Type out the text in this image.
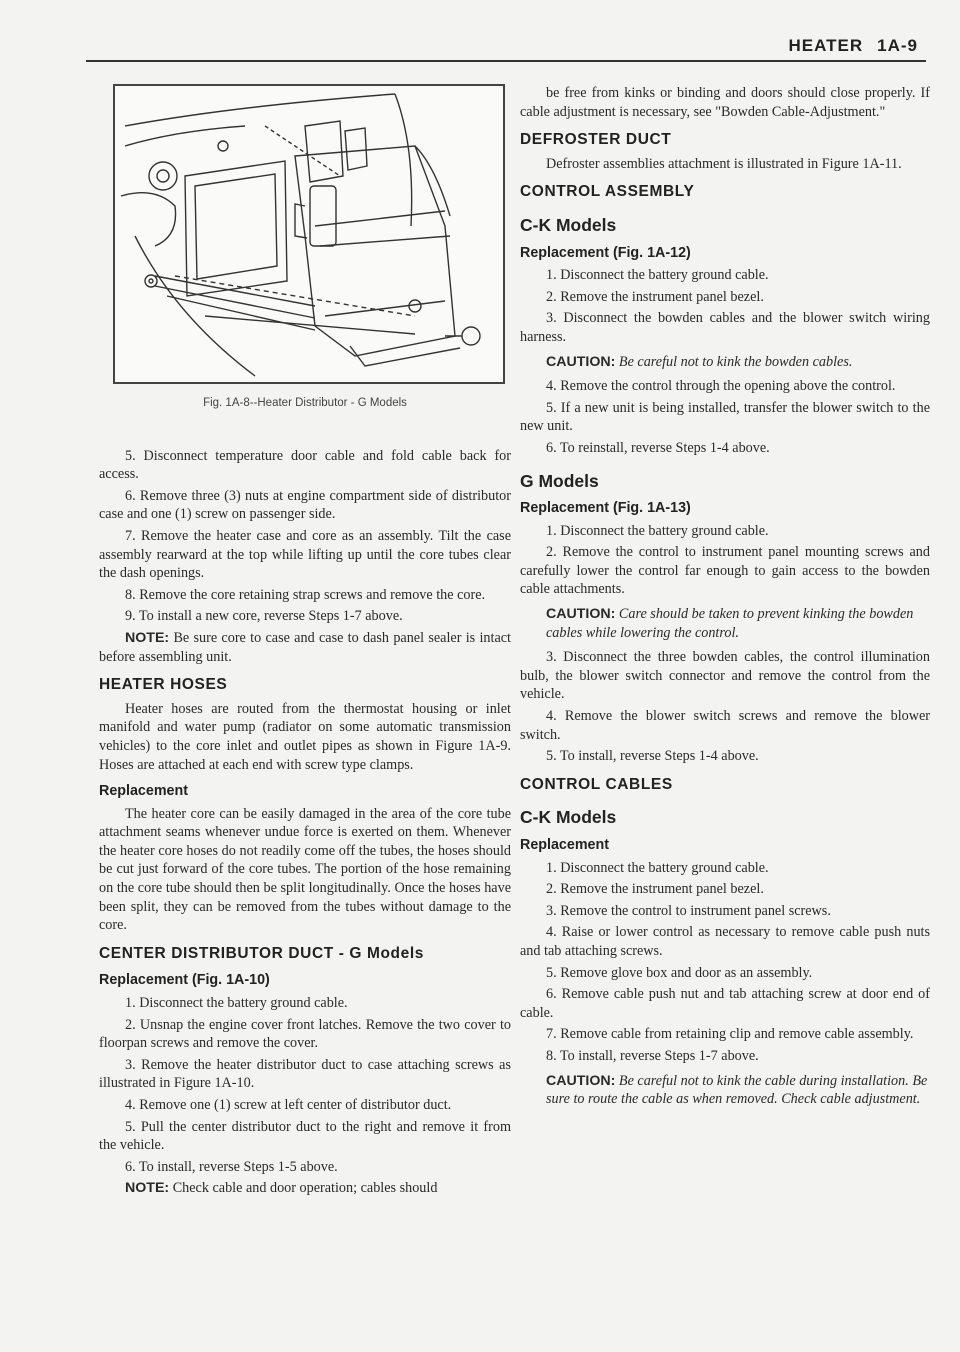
HEATER 1A-9
Fig. 1A-8--Heater Distributor - G Models

5. Disconnect temperature door cable and fold cable back for access.

6. Remove three (3) nuts at engine compartment side of distributor case and one (1) screw on passenger side.

7. Remove the heater case and core as an assembly. Tilt the case assembly rearward at the top while lifting up until the core tubes clear the dash openings.

8. Remove the core retaining strap screws and remove the core.

9. To install a new core, reverse Steps 1-7 above.

NOTE: Be sure core to case and case to dash panel sealer is intact before assembling unit.

HEATER HOSES

Heater hoses are routed from the thermostat housing or inlet manifold and water pump (radiator on some automatic transmission vehicles) to the core inlet and outlet pipes as shown in Figure 1A-9. Hoses are attached at each end with screw type clamps.

Replacement

The heater core can be easily damaged in the area of the core tube attachment seams whenever undue force is exerted on them. Whenever the heater core hoses do not readily come off the tubes, the hoses should be cut just forward of the core tubes. The portion of the hose remaining on the core tube should then be split longitudinally. Once the hoses have been split, they can be removed from the tubes without damage to the core.

CENTER DISTRIBUTOR DUCT - G Models
Replacement (Fig. 1A-10)

1. Disconnect the battery ground cable.

2. Unsnap the engine cover front latches. Remove the two cover to floorpan screws and remove the cover.

3. Remove the heater distributor duct to case attaching screws as illustrated in Figure 1A-10.

4. Remove one (1) screw at left center of distributor duct.

5. Pull the center distributor duct to the right and remove it from the vehicle.

6. To install, reverse Steps 1-5 above.

NOTE: Check cable and door operation; cables should

be free from kinks or binding and doors should close properly. If cable adjustment is necessary, see "Bowden Cable-Adjustment."

DEFROSTER DUCT

Defroster assemblies attachment is illustrated in Figure 1A-11.

CONTROL ASSEMBLY
C-K Models
Replacement (Fig. 1A-12)

1. Disconnect the battery ground cable.

2. Remove the instrument panel bezel.

3. Disconnect the bowden cables and the blower switch wiring harness.

CAUTION: Be careful not to kink the bowden cables.

4. Remove the control through the opening above the control.

5. If a new unit is being installed, transfer the blower switch to the new unit.

6. To reinstall, reverse Steps 1-4 above.

G Models
Replacement (Fig. 1A-13)

1. Disconnect the battery ground cable.

2. Remove the control to instrument panel mounting screws and carefully lower the control far enough to gain access to the bowden cable attachments.

CAUTION: Care should be taken to prevent kinking the bowden cables while lowering the control.

3. Disconnect the three bowden cables, the control illumination bulb, the blower switch connector and remove the control from the vehicle.

4. Remove the blower switch screws and remove the blower switch.

5. To install, reverse Steps 1-4 above.

CONTROL CABLES
C-K Models
Replacement

1. Disconnect the battery ground cable.

2. Remove the instrument panel bezel.

3. Remove the control to instrument panel screws.

4. Raise or lower control as necessary to remove cable push nuts and tab attaching screws.

5. Remove glove box and door as an assembly.

6. Remove cable push nut and tab attaching screw at door end of cable.

7. Remove cable from retaining clip and remove cable assembly.

8. To install, reverse Steps 1-7 above.

CAUTION: Be careful not to kink the cable during installation. Be sure to route the cable as when removed. Check cable adjustment.
